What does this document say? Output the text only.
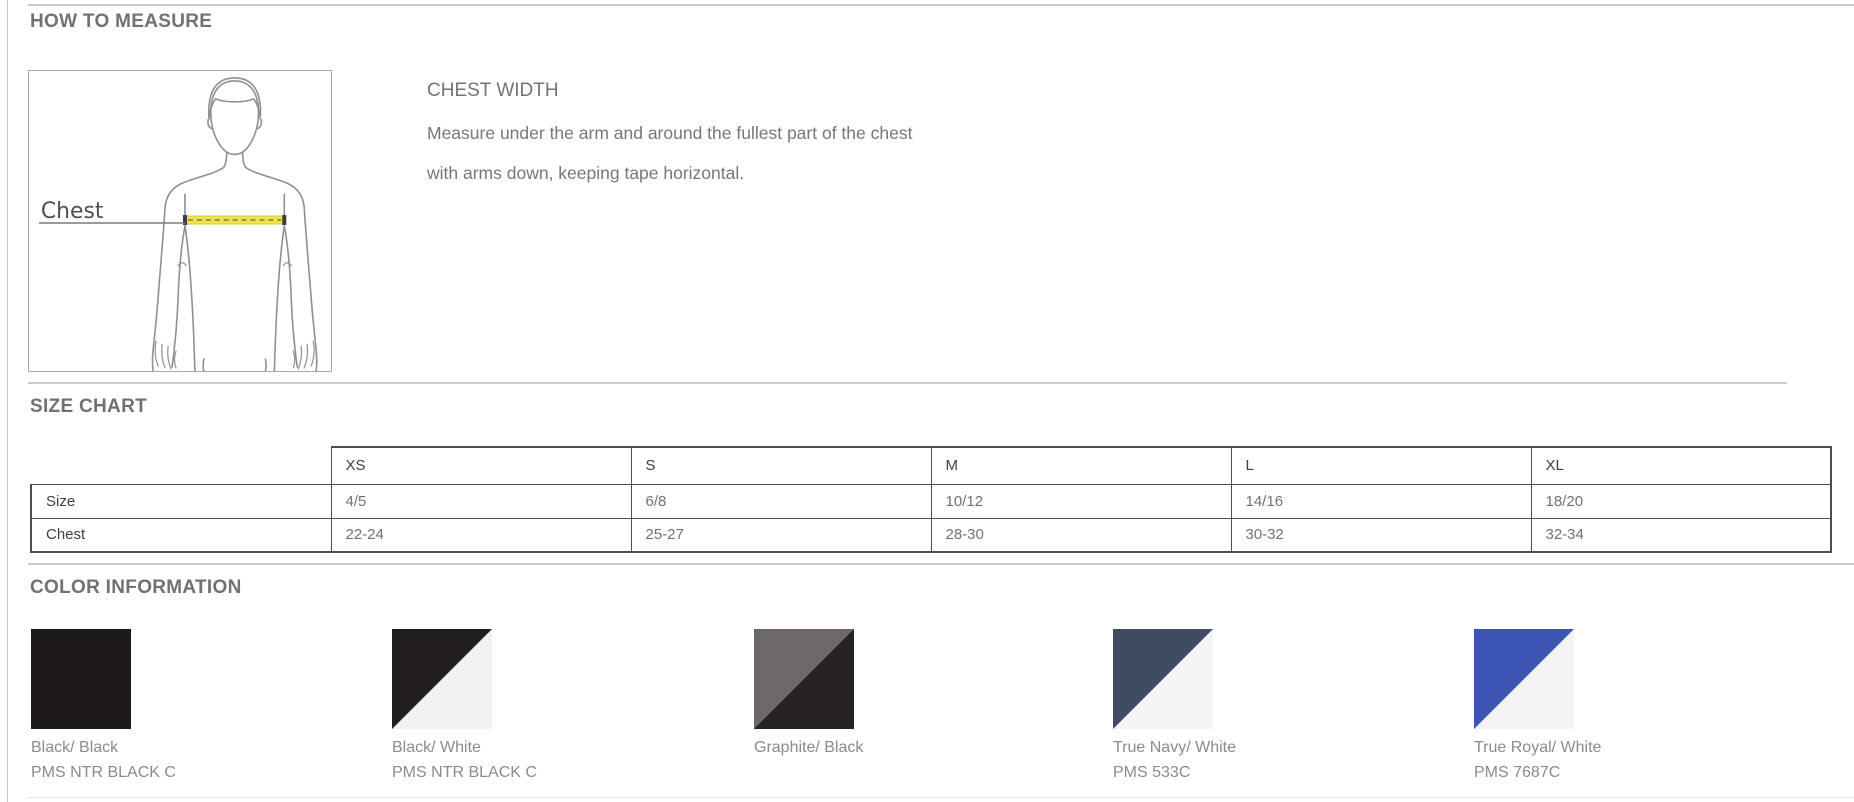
HOW TO MEASURE
Chest

CHEST WIDTH

Measure under the arm and around the fullest part of the chest

with arms down, keeping tape horizontal.

SIZE CHART
	XS	S	M	L	XL
Size	4/5	6/8	10/12	14/16	18/20
Chest	22-24	25-27	28-30	30-32	32-34
COLOR INFORMATION
Black/ Black
PMS NTR BLACK C
Black/ White
PMS NTR BLACK C
Graphite/ Black	True Navy/ White
PMS 533C
True Royal/ White
PMS 7687C
